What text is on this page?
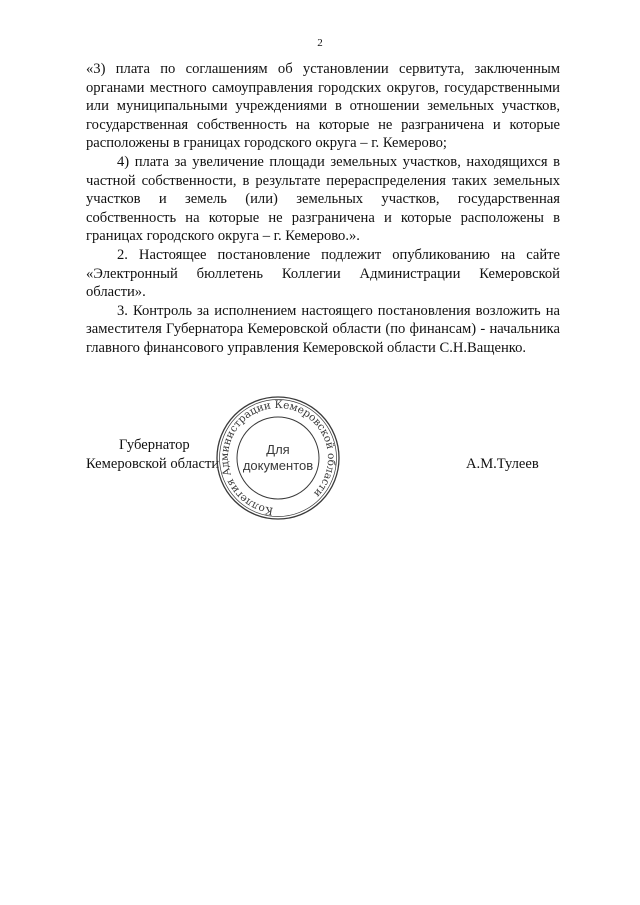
2

«3) плата по соглашениям об установлении сервитута, заключенным органами местного самоуправления городских округов, государственными или муниципальными учреждениями в отношении земельных участков, государственная собственность на которые не разграничена и которые расположены в границах городского округа – г. Кемерово;

4) плата за увеличение площади земельных участков, находящихся в частной собственности, в результате перераспределения таких земельных участков и земель (или) земельных участков, государственная собственность на которые не разграничена и которые расположены в границах городского округа – г. Кемерово.».

2. Настоящее постановление подлежит опубликованию на сайте «Электронный бюллетень Коллегии Администрации Кемеровской области».

3. Контроль за исполнением настоящего постановления возложить на заместителя Губернатора Кемеровской области (по финансам) - начальника главного финансового управления Кемеровской области С.Н.Ващенко.

Губернатор
Кемеровской области	А.М.Тулеев
Коллегия Администрации Кемеровской области
Для
документов
